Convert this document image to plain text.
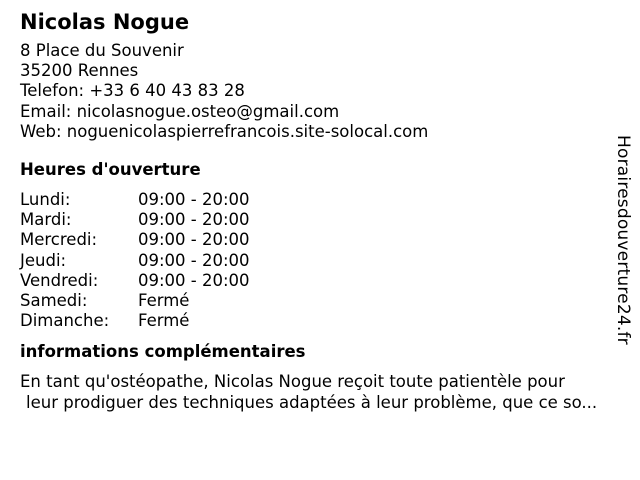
Nicolas Nogue
8 Place du Souvenir
35200 Rennes
Telefon: +33 6 40 43 83 28
Email: nicolasnogue.osteo@gmail.com
Web: noguenicolaspierrefrancois.site-solocal.com
Heures d'ouverture
Lundi:	09:00 - 20:00
Mardi:	09:00 - 20:00
Mercredi: 09:00 - 20:00
Jeudi:	09:00 - 20:00
Vendredi: 09:00 - 20:00
Samedi:	Fermé
Dimanche: Fermé
informations complémentaires
En tant qu'ostéopathe, Nicolas Nogue reçoit toute patientèle pour
leur prodiguer des techniques adaptées à leur problème, que ce so...
Horairesdouverture24.fr
